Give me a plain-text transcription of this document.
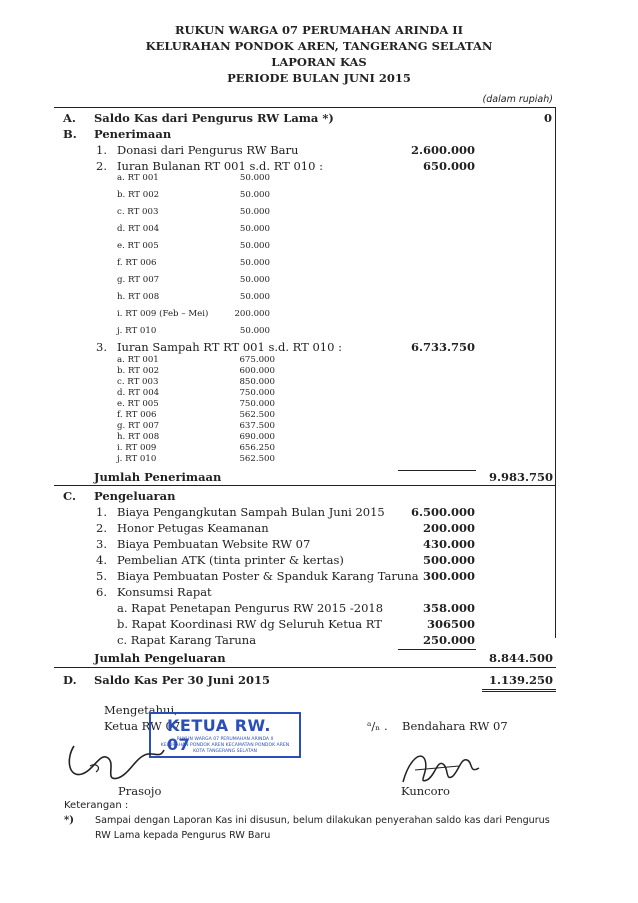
RUKUN WARGA 07 PERUMAHAN ARINDA II
KELURAHAN PONDOK AREN, TANGERANG SELATAN
LAPORAN KAS
PERIODE BULAN JUNI 2015
(dalam rupiah)
A. Saldo Kas dari Pengurus RW Lama *)	0
B. Penerimaan
1. Donasi dari Pengurus RW Baru	2.600.000
2. Iuran Bulanan RT 001 s.d. RT 010 :	650.000
a. RT 001	50.000
b. RT 002	50.000
c. RT 003	50.000
d. RT 004	50.000
e. RT 005	50.000
f. RT 006	50.000
g. RT 007	50.000
h. RT 008	50.000
i. RT 009 (Feb – Mei)	200.000
j. RT 010	50.000
3. Iuran Sampah RT RT 001 s.d. RT 010 :	6.733.750
a. RT 001	675.000
b. RT 002	600.000
c. RT 003	850.000
d. RT 004	750.000
e. RT 005	750.000
f. RT 006	562.500
g. RT 007	637.500
h. RT 008	690.000
i. RT 009	656.250
j. RT 010	562.500
Jumlah Penerimaan	9.983.750
C. Pengeluaran
1. Biaya Pengangkutan Sampah Bulan Juni 2015 6.500.000
2. Honor Petugas Keamanan	200.000
3. Biaya Pembuatan Website RW 07	430.000
4. Pembelian ATK (tinta printer & kertas)	500.000
5. Biaya Pembuatan Poster & Spanduk Karang Taruna 300.000
6. Konsumsi Rapat
a. Rapat Penetapan Pengurus RW 2015 -2018	358.000
b. Rapat Koordinasi RW dg Seluruh Ketua RT	306500
c. Rapat Karang Taruna	250.000
Jumlah Pengeluaran	8.844.500
D. Saldo Kas Per 30 Juni 2015	1.139.250
Mengetahui,
Ketua RW 07	ᵃ/ₙ . Bendahara RW 07
KETUA RW. 07
RUKUN WARGA 07 PERUMAHAN ARINDA II
KELURAHAN PONDOK AREN KECAMATAN PONDOK AREN
KOTA TANGERANG SELATAN
Prasojo	Kuncoro
Keterangan :
*) Sampai dengan Laporan Kas ini disusun, belum dilakukan penyerahan saldo kas dari Pengurus
RW Lama kepada Pengurus RW Baru
